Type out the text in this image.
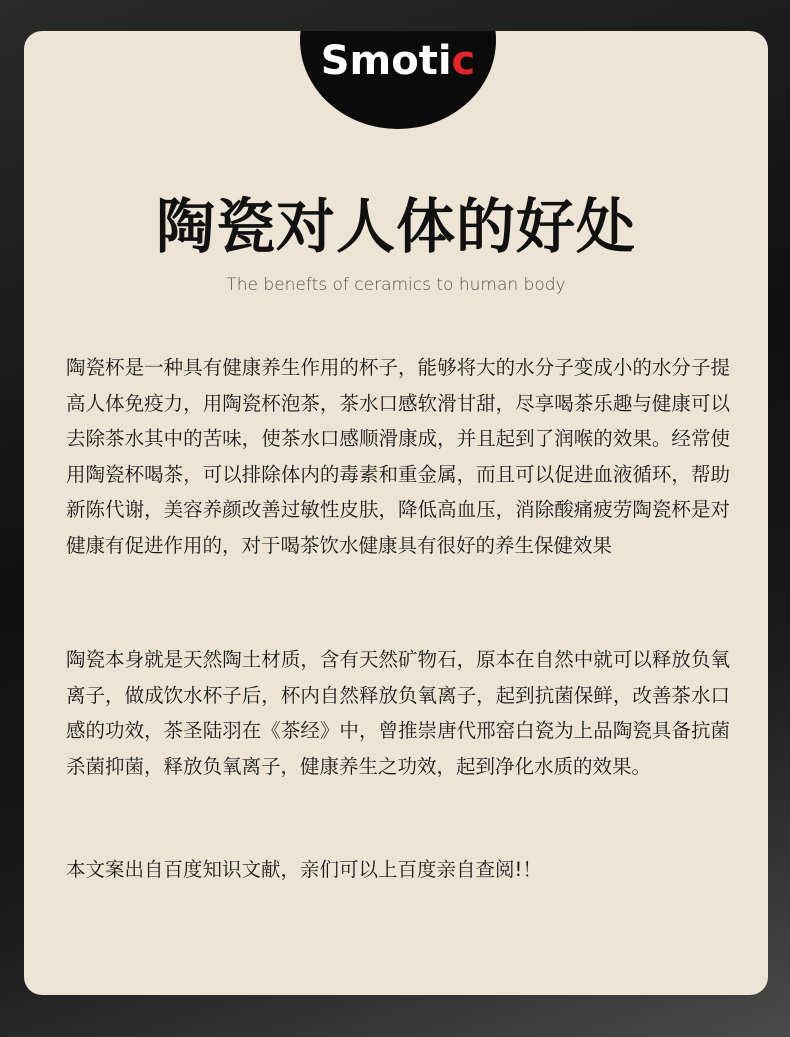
Smotic
陶瓷对人体的好处
The benefts of ceramics to human body

陶瓷杯是一种具有健康养生作用的杯子，能够将大的水分子变成小的水分子提高人体免疫力，用陶瓷杯泡茶，茶水口感软滑甘甜，尽享喝茶乐趣与健康可以去除茶水其中的苦味，使茶水口感顺滑康成，并且起到了润喉的效果。经常使用陶瓷杯喝茶，可以排除体内的毒素和重金属，而且可以促进血液循环，帮助新陈代谢，美容养颜改善过敏性皮肤，降低高血压，消除酸痛疲劳陶瓷杯是对健康有促进作用的，对于喝茶饮水健康具有很好的养生保健效果

陶瓷本身就是天然陶土材质，含有天然矿物石，原本在自然中就可以释放负氧离子，做成饮水杯子后，杯内自然释放负氧离子，起到抗菌保鲜，改善茶水口感的功效，茶圣陆羽在《茶经》中，曾推崇唐代邢窑白瓷为上品陶瓷具备抗菌杀菌抑菌，释放负氧离子，健康养生之功效，起到净化水质的效果。

本文案出自百度知识文献，亲们可以上百度亲自查阅!！
